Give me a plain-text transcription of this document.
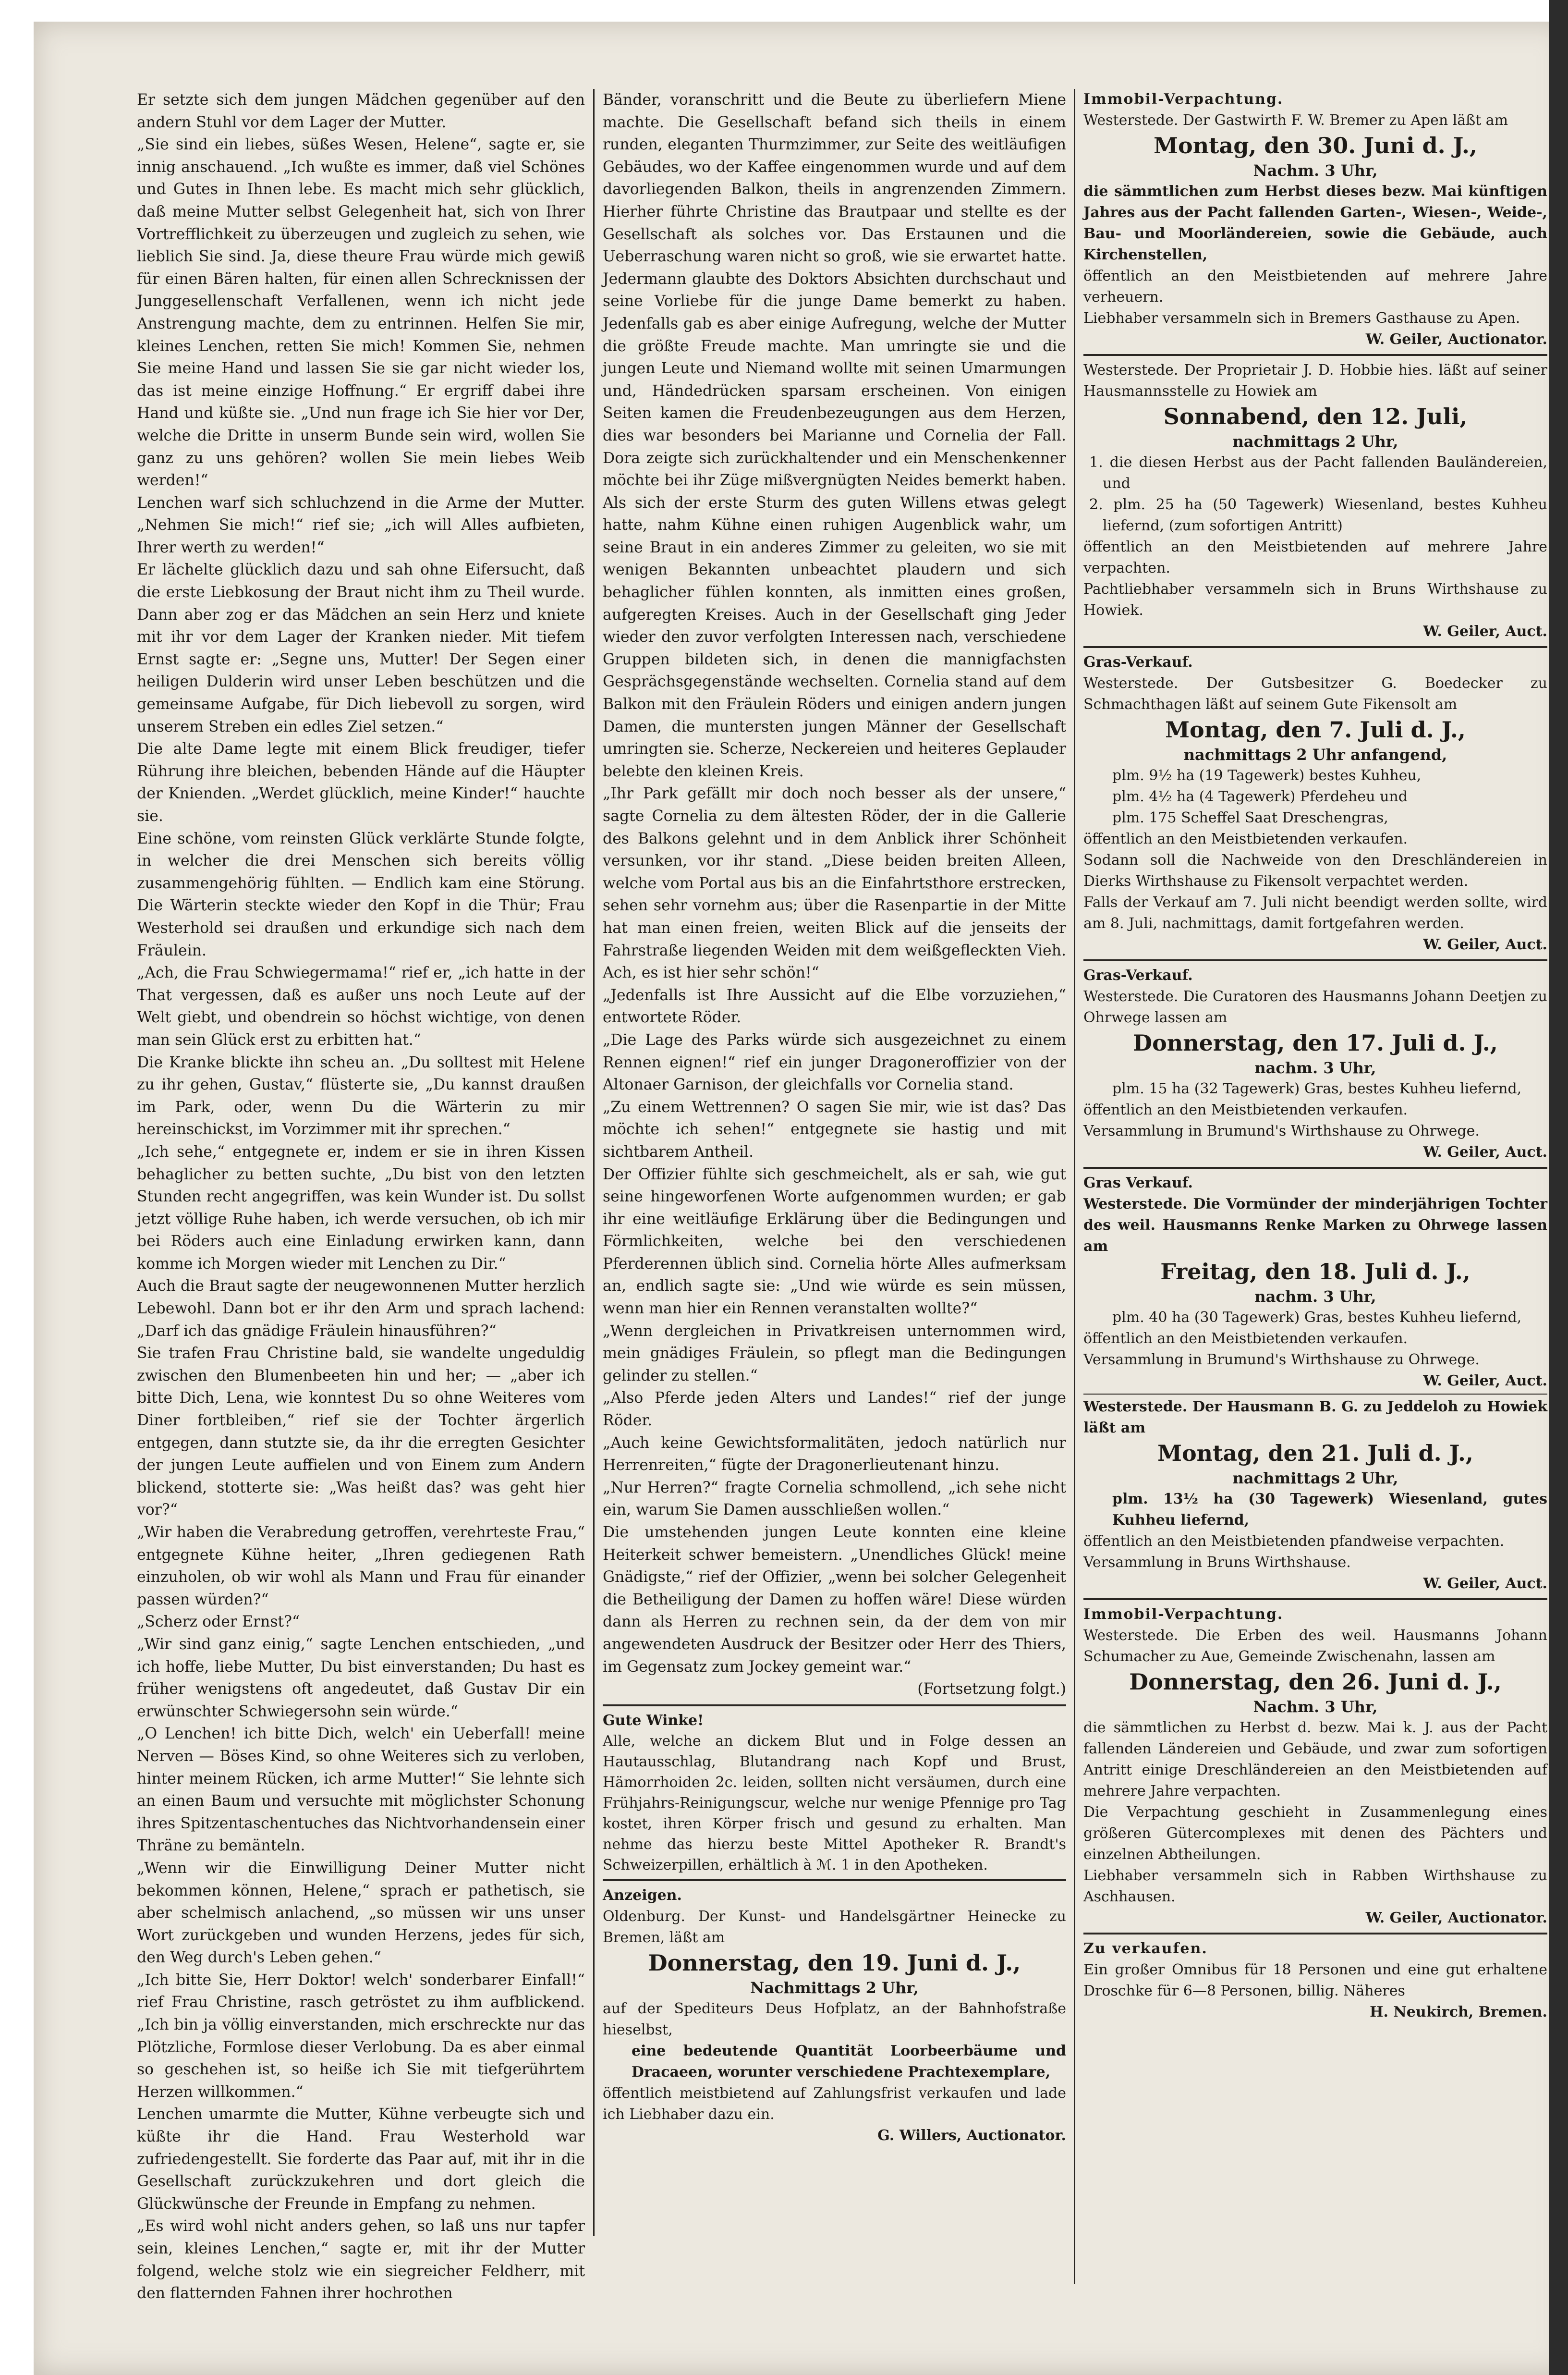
Er setzte sich dem jungen Mädchen gegenüber auf den andern Stuhl vor dem Lager der Mutter.

„Sie sind ein liebes, süßes Wesen, Helene“, sagte er, sie innig anschauend. „Ich wußte es immer, daß viel Schönes und Gutes in Ihnen lebe. Es macht mich sehr glücklich, daß meine Mutter selbst Gelegenheit hat, sich von Ihrer Vortrefflichkeit zu überzeugen und zugleich zu sehen, wie lieblich Sie sind. Ja, diese theure Frau würde mich gewiß für einen Bären halten, für einen allen Schrecknissen der Junggesellenschaft Verfallenen, wenn ich nicht jede Anstrengung machte, dem zu entrinnen. Helfen Sie mir, kleines Lenchen, retten Sie mich! Kommen Sie, nehmen Sie meine Hand und lassen Sie sie gar nicht wieder los, das ist meine einzige Hoffnung.“ Er ergriff dabei ihre Hand und küßte sie. „Und nun frage ich Sie hier vor Der, welche die Dritte in unserm Bunde sein wird, wollen Sie ganz zu uns gehören? wollen Sie mein liebes Weib werden!“

Lenchen warf sich schluchzend in die Arme der Mutter. „Nehmen Sie mich!“ rief sie; „ich will Alles aufbieten, Ihrer werth zu werden!“

Er lächelte glücklich dazu und sah ohne Eifersucht, daß die erste Liebkosung der Braut nicht ihm zu Theil wurde. Dann aber zog er das Mädchen an sein Herz und kniete mit ihr vor dem Lager der Kranken nieder. Mit tiefem Ernst sagte er: „Segne uns, Mutter! Der Segen einer heiligen Dulderin wird unser Leben beschützen und die gemeinsame Aufgabe, für Dich liebevoll zu sorgen, wird unserem Streben ein edles Ziel setzen.“

Die alte Dame legte mit einem Blick freudiger, tiefer Rührung ihre bleichen, bebenden Hände auf die Häupter der Knienden. „Werdet glücklich, meine Kinder!“ hauchte sie.

Eine schöne, vom reinsten Glück verklärte Stunde folgte, in welcher die drei Menschen sich bereits völlig zusammengehörig fühlten. — Endlich kam eine Störung. Die Wärterin steckte wieder den Kopf in die Thür; Frau Westerhold sei draußen und erkundige sich nach dem Fräulein.

„Ach, die Frau Schwiegermama!“ rief er, „ich hatte in der That vergessen, daß es außer uns noch Leute auf der Welt giebt, und obendrein so höchst wichtige, von denen man sein Glück erst zu erbitten hat.“

Die Kranke blickte ihn scheu an. „Du solltest mit Helene zu ihr gehen, Gustav,“ flüsterte sie, „Du kannst draußen im Park, oder, wenn Du die Wärterin zu mir hereinschickst, im Vorzimmer mit ihr sprechen.“

„Ich sehe,“ entgegnete er, indem er sie in ihren Kissen behaglicher zu betten suchte, „Du bist von den letzten Stunden recht angegriffen, was kein Wunder ist. Du sollst jetzt völlige Ruhe haben, ich werde versuchen, ob ich mir bei Röders auch eine Einladung erwirken kann, dann komme ich Morgen wieder mit Lenchen zu Dir.“

Auch die Braut sagte der neugewonnenen Mutter herzlich Lebewohl. Dann bot er ihr den Arm und sprach lachend: „Darf ich das gnädige Fräulein hinausführen?“

Sie trafen Frau Christine bald, sie wandelte ungeduldig zwischen den Blumenbeeten hin und her; — „aber ich bitte Dich, Lena, wie konntest Du so ohne Weiteres vom Diner fortbleiben,“ rief sie der Tochter ärgerlich entgegen, dann stutzte sie, da ihr die erregten Gesichter der jungen Leute auffielen und von Einem zum Andern blickend, stotterte sie: „Was heißt das? was geht hier vor?“

„Wir haben die Verabredung getroffen, verehrteste Frau,“ entgegnete Kühne heiter, „Ihren gediegenen Rath einzuholen, ob wir wohl als Mann und Frau für einander passen würden?“

„Scherz oder Ernst?“

„Wir sind ganz einig,“ sagte Lenchen entschieden, „und ich hoffe, liebe Mutter, Du bist einverstanden; Du hast es früher wenigstens oft angedeutet, daß Gustav Dir ein erwünschter Schwiegersohn sein würde.“

„O Lenchen! ich bitte Dich, welch' ein Ueberfall! meine Nerven — Böses Kind, so ohne Weiteres sich zu verloben, hinter meinem Rücken, ich arme Mutter!“ Sie lehnte sich an einen Baum und versuchte mit möglichster Schonung ihres Spitzentaschentuches das Nichtvorhandensein einer Thräne zu bemänteln.

„Wenn wir die Einwilligung Deiner Mutter nicht bekommen können, Helene,“ sprach er pathetisch, sie aber schelmisch anlachend, „so müssen wir uns unser Wort zurückgeben und wunden Herzens, jedes für sich, den Weg durch's Leben gehen.“

„Ich bitte Sie, Herr Doktor! welch' sonderbarer Einfall!“ rief Frau Christine, rasch getröstet zu ihm aufblickend. „Ich bin ja völlig einverstanden, mich erschreckte nur das Plötzliche, Formlose dieser Verlobung. Da es aber einmal so geschehen ist, so heiße ich Sie mit tiefgerührtem Herzen willkommen.“

Lenchen umarmte die Mutter, Kühne verbeugte sich und küßte ihr die Hand. Frau Westerhold war zufriedengestellt. Sie forderte das Paar auf, mit ihr in die Gesellschaft zurückzukehren und dort gleich die Glückwünsche der Freunde in Empfang zu nehmen.

„Es wird wohl nicht anders gehen, so laß uns nur tapfer sein, kleines Lenchen,“ sagte er, mit ihr der Mutter folgend, welche stolz wie ein siegreicher Feldherr, mit den flatternden Fahnen ihrer hochrothen

Bänder, voranschritt und die Beute zu überliefern Miene machte. Die Gesellschaft befand sich theils in einem runden, eleganten Thurmzimmer, zur Seite des weitläufigen Gebäudes, wo der Kaffee eingenommen wurde und auf dem davorliegenden Balkon, theils in angrenzenden Zimmern. Hierher führte Christine das Brautpaar und stellte es der Gesellschaft als solches vor. Das Erstaunen und die Ueberraschung waren nicht so groß, wie sie erwartet hatte. Jedermann glaubte des Doktors Absichten durchschaut und seine Vorliebe für die junge Dame bemerkt zu haben. Jedenfalls gab es aber einige Aufregung, welche der Mutter die größte Freude machte. Man umringte sie und die jungen Leute und Niemand wollte mit seinen Umarmungen und, Händedrücken sparsam erscheinen. Von einigen Seiten kamen die Freudenbezeugungen aus dem Herzen, dies war besonders bei Marianne und Cornelia der Fall. Dora zeigte sich zurückhaltender und ein Menschenkenner möchte bei ihr Züge mißvergnügten Neides bemerkt haben. Als sich der erste Sturm des guten Willens etwas gelegt hatte, nahm Kühne einen ruhigen Augenblick wahr, um seine Braut in ein anderes Zimmer zu geleiten, wo sie mit wenigen Bekannten unbeachtet plaudern und sich behaglicher fühlen konnten, als inmitten eines großen, aufgeregten Kreises. Auch in der Gesellschaft ging Jeder wieder den zuvor verfolgten Interessen nach, verschiedene Gruppen bildeten sich, in denen die mannigfachsten Gesprächsgegenstände wechselten. Cornelia stand auf dem Balkon mit den Fräulein Röders und einigen andern jungen Damen, die muntersten jungen Männer der Gesellschaft umringten sie. Scherze, Neckereien und heiteres Geplauder belebte den kleinen Kreis.

„Ihr Park gefällt mir doch noch besser als der unsere,“ sagte Cornelia zu dem ältesten Röder, der in die Gallerie des Balkons gelehnt und in dem Anblick ihrer Schönheit versunken, vor ihr stand. „Diese beiden breiten Alleen, welche vom Portal aus bis an die Einfahrtsthore erstrecken, sehen sehr vornehm aus; über die Rasenpartie in der Mitte hat man einen freien, weiten Blick auf die jenseits der Fahrstraße liegenden Weiden mit dem weißgefleckten Vieh. Ach, es ist hier sehr schön!“

„Jedenfalls ist Ihre Aussicht auf die Elbe vorzuziehen,“ entwortete Röder.

„Die Lage des Parks würde sich ausgezeichnet zu einem Rennen eignen!“ rief ein junger Dragoneroffizier von der Altonaer Garnison, der gleichfalls vor Cornelia stand.

„Zu einem Wettrennen? O sagen Sie mir, wie ist das? Das möchte ich sehen!“ entgegnete sie hastig und mit sichtbarem Antheil.

Der Offizier fühlte sich geschmeichelt, als er sah, wie gut seine hingeworfenen Worte aufgenommen wurden; er gab ihr eine weitläufige Erklärung über die Bedingungen und Förmlichkeiten, welche bei den verschiedenen Pferderennen üblich sind. Cornelia hörte Alles aufmerksam an, endlich sagte sie: „Und wie würde es sein müssen, wenn man hier ein Rennen veranstalten wollte?“

„Wenn dergleichen in Privatkreisen unternommen wird, mein gnädiges Fräulein, so pflegt man die Bedingungen gelinder zu stellen.“

„Also Pferde jeden Alters und Landes!“ rief der junge Röder.

„Auch keine Gewichtsformalitäten, jedoch natürlich nur Herrenreiten,“ fügte der Dragonerlieutenant hinzu.

„Nur Herren?“ fragte Cornelia schmollend, „ich sehe nicht ein, warum Sie Damen ausschließen wollen.“

Die umstehenden jungen Leute konnten eine kleine Heiterkeit schwer bemeistern. „Unendliches Glück! meine Gnädigste,“ rief der Offizier, „wenn bei solcher Gelegenheit die Betheiligung der Damen zu hoffen wäre! Diese würden dann als Herren zu rechnen sein, da der dem von mir angewendeten Ausdruck der Besitzer oder Herr des Thiers, im Gegensatz zum Jockey gemeint war.“

(Fortsetzung folgt.)

Gute Winke!

Alle, welche an dickem Blut und in Folge dessen an Hautausschlag, Blutandrang nach Kopf und Brust, Hämorrhoiden 2c. leiden, sollten nicht versäumen, durch eine Frühjahrs-Reinigungscur, welche nur wenige Pfennige pro Tag kostet, ihren Körper frisch und gesund zu erhalten. Man nehme das hierzu beste Mittel Apotheker R. Brandt's Schweizerpillen, erhältlich à ℳ. 1 in den Apotheken.

Anzeigen.

Oldenburg. Der Kunst- und Handelsgärtner Heinecke zu Bremen, läßt am

Donnerstag, den 19. Juni d. J.,

Nachmittags 2 Uhr,

auf der Spediteurs Deus Hofplatz, an der Bahnhofstraße hieselbst,

eine bedeutende Quantität Loorbeerbäume und Dracaeen, worunter verschiedene Prachtexemplare,

öffentlich meistbietend auf Zahlungsfrist verkaufen und lade ich Liebhaber dazu ein.

G. Willers, Auctionator.

Immobil-Verpachtung.

Westerstede. Der Gastwirth F. W. Bremer zu Apen läßt am

Montag, den 30. Juni d. J.,

Nachm. 3 Uhr,

die sämmtlichen zum Herbst dieses bezw. Mai künftigen Jahres aus der Pacht fallenden Garten-, Wiesen-, Weide-, Bau- und Moorländereien, sowie die Gebäude, auch Kirchenstellen,

öffentlich an den Meistbietenden auf mehrere Jahre verheuern.

Liebhaber versammeln sich in Bremers Gasthause zu Apen.

W. Geiler, Auctionator.

Westerstede. Der Proprietair J. D. Hobbie hies. läßt auf seiner Hausmannsstelle zu Howiek am

Sonnabend, den 12. Juli,

nachmittags 2 Uhr,

1. die diesen Herbst aus der Pacht fallenden Bauländereien, und

2. plm. 25 ha (50 Tagewerk) Wiesenland, bestes Kuhheu liefernd, (zum sofortigen Antritt)

öffentlich an den Meistbietenden auf mehrere Jahre verpachten.

Pachtliebhaber versammeln sich in Bruns Wirthshause zu Howiek.

W. Geiler, Auct.

Gras-Verkauf.

Westerstede. Der Gutsbesitzer G. Boedecker zu Schmachthagen läßt auf seinem Gute Fikensolt am

Montag, den 7. Juli d. J.,

nachmittags 2 Uhr anfangend,

plm. 9½ ha (19 Tagewerk) bestes Kuhheu,

plm. 4½ ha (4 Tagewerk) Pferdeheu und

plm. 175 Scheffel Saat Dreschengras,

öffentlich an den Meistbietenden verkaufen.

Sodann soll die Nachweide von den Dreschländereien in Dierks Wirthshause zu Fikensolt verpachtet werden.

Falls der Verkauf am 7. Juli nicht beendigt werden sollte, wird am 8. Juli, nachmittags, damit fortgefahren werden.

W. Geiler, Auct.

Gras-Verkauf.

Westerstede. Die Curatoren des Hausmanns Johann Deetjen zu Ohrwege lassen am

Donnerstag, den 17. Juli d. J.,

nachm. 3 Uhr,

plm. 15 ha (32 Tagewerk) Gras, bestes Kuhheu liefernd,

öffentlich an den Meistbietenden verkaufen.

Versammlung in Brumund's Wirthshause zu Ohrwege.

W. Geiler, Auct.

Gras Verkauf.

Westerstede. Die Vormünder der minderjährigen Tochter des weil. Hausmanns Renke Marken zu Ohrwege lassen am

Freitag, den 18. Juli d. J.,

nachm. 3 Uhr,

plm. 40 ha (30 Tagewerk) Gras, bestes Kuhheu liefernd,

öffentlich an den Meistbietenden verkaufen.

Versammlung in Brumund's Wirthshause zu Ohrwege.

W. Geiler, Auct.

Westerstede. Der Hausmann B. G. zu Jeddeloh zu Howiek läßt am

Montag, den 21. Juli d. J.,

nachmittags 2 Uhr,

plm. 13½ ha (30 Tagewerk) Wiesenland, gutes Kuhheu liefernd,

öffentlich an den Meistbietenden pfandweise verpachten.

Versammlung in Bruns Wirthshause.

W. Geiler, Auct.

Immobil-Verpachtung.

Westerstede. Die Erben des weil. Hausmanns Johann Schumacher zu Aue, Gemeinde Zwischenahn, lassen am

Donnerstag, den 26. Juni d. J.,

Nachm. 3 Uhr,

die sämmtlichen zu Herbst d. bezw. Mai k. J. aus der Pacht fallenden Ländereien und Gebäude, und zwar zum sofortigen Antritt einige Dreschländereien an den Meistbietenden auf mehrere Jahre verpachten.

Die Verpachtung geschieht in Zusammenlegung eines größeren Gütercomplexes mit denen des Pächters und einzelnen Abtheilungen.

Liebhaber versammeln sich in Rabben Wirthshause zu Aschhausen.

W. Geiler, Auctionator.

Zu verkaufen.

Ein großer Omnibus für 18 Personen und eine gut erhaltene Droschke für 6—8 Personen, billig. Näheres

H. Neukirch, Bremen.
